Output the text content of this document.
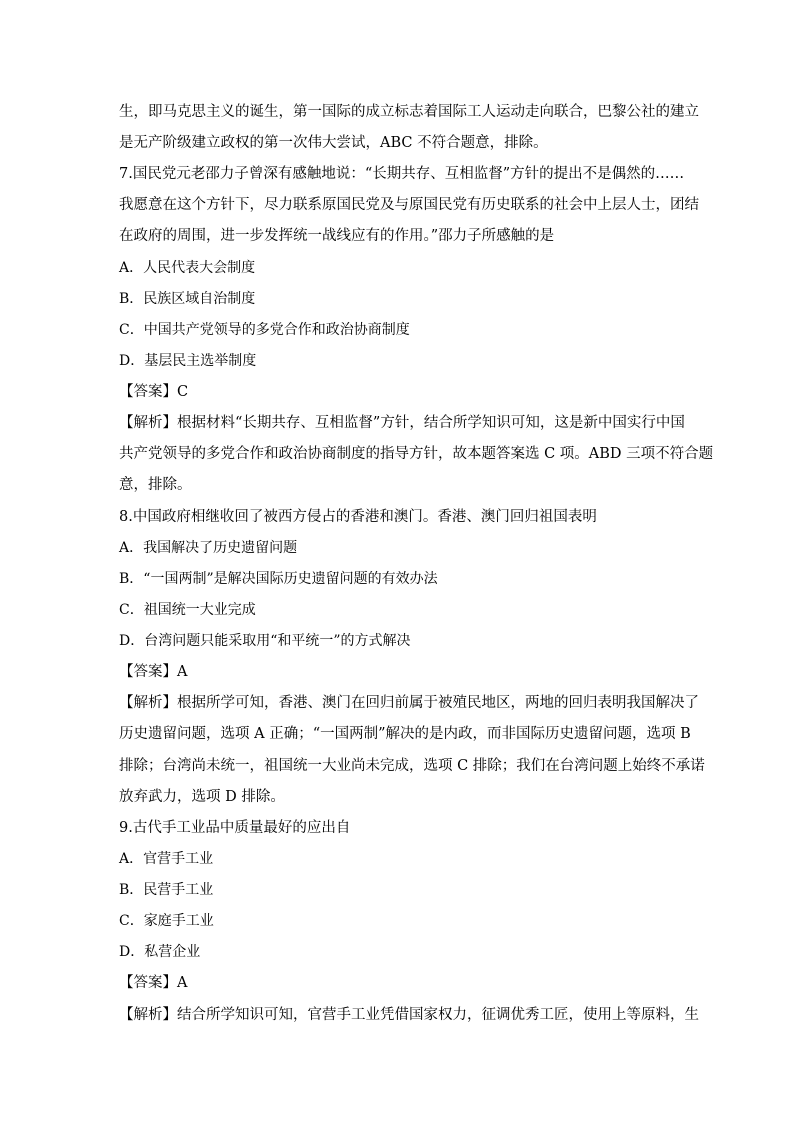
生，即马克思主义的诞生，第一国际的成立标志着国际工人运动走向联合，巴黎公社的建立
是无产阶级建立政权的第一次伟大尝试，ABC 不符合题意，排除。
7.国民党元老邵力子曾深有感触地说：“长期共存、互相监督”方针的提出不是偶然的……
我愿意在这个方针下，尽力联系原国民党及与原国民党有历史联系的社会中上层人士，团结
在政府的周围，进一步发挥统一战线应有的作用。”邵力子所感触的是
A．人民代表大会制度
B．民族区域自治制度
C．中国共产党领导的多党合作和政治协商制度
D．基层民主选举制度
【答案】C
【解析】根据材料“长期共存、互相监督”方针，结合所学知识可知，这是新中国实行中国
共产党领导的多党合作和政治协商制度的指导方针，故本题答案选 C 项。ABD 三项不符合题
意，排除。
8.中国政府相继收回了被西方侵占的香港和澳门。香港、澳门回归祖国表明
A．我国解决了历史遗留问题
B．“一国两制”是解决国际历史遗留问题的有效办法
C．祖国统一大业完成
D．台湾问题只能采取用“和平统一”的方式解决
【答案】A
【解析】根据所学可知，香港、澳门在回归前属于被殖民地区，两地的回归表明我国解决了
历史遗留问题，选项 A 正确；“一国两制”解决的是内政，而非国际历史遗留问题，选项 B
排除；台湾尚未统一，祖国统一大业尚未完成，选项 C 排除；我们在台湾问题上始终不承诺
放弃武力，选项 D 排除。
9.古代手工业品中质量最好的应出自
A．官营手工业
B．民营手工业
C．家庭手工业
D．私营企业
【答案】A
【解析】结合所学知识可知，官营手工业凭借国家权力，征调优秀工匠，使用上等原料，生
